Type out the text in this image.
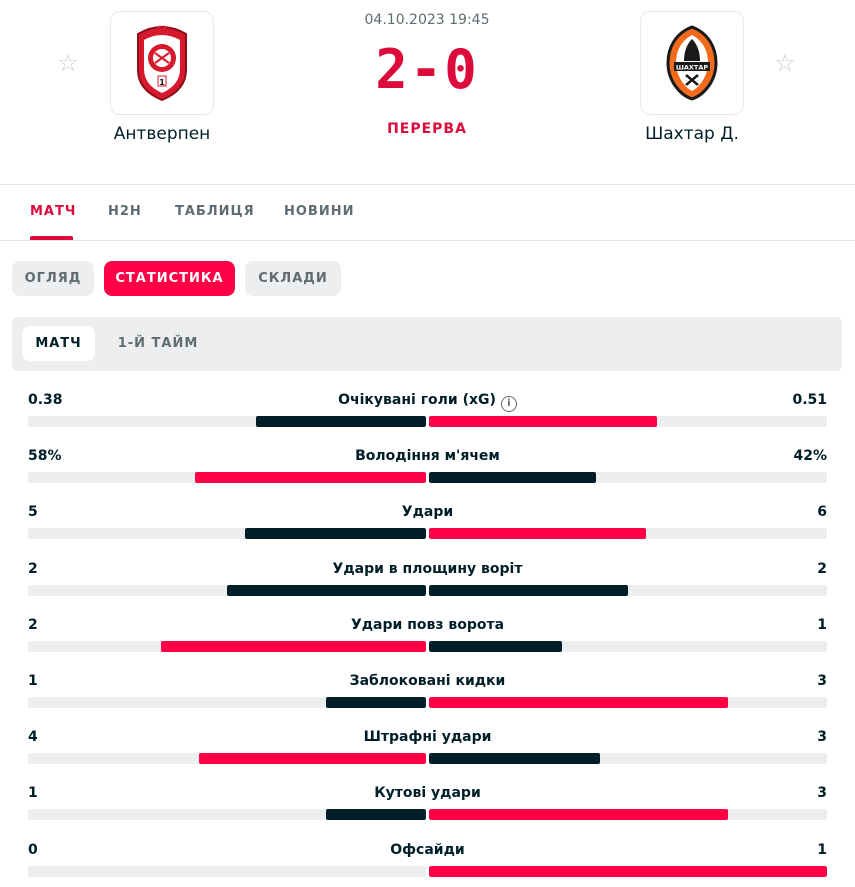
☆
1
Антверпен
04.10.2023 19:45
2-0
ПЕРЕРВА
ШАХТАР
Шахтар Д.
☆
МАТЧ H2H	ТАБЛИЦЯ НОВИНИ
ОГЛЯД	СТАТИСТИКА	СКЛАДИ
МАТЧ	1-Й ТАЙМ
0.38	Очікувані голи (xG) i	0.51
58%	Володіння м'ячем	42%
5	Удари	6
2	Удари в площину воріт	2
2	Удари повз ворота	1
1	Заблоковані кидки	3
4	Штрафні удари	3
1	Кутові удари	3
0	Офсайди	1
